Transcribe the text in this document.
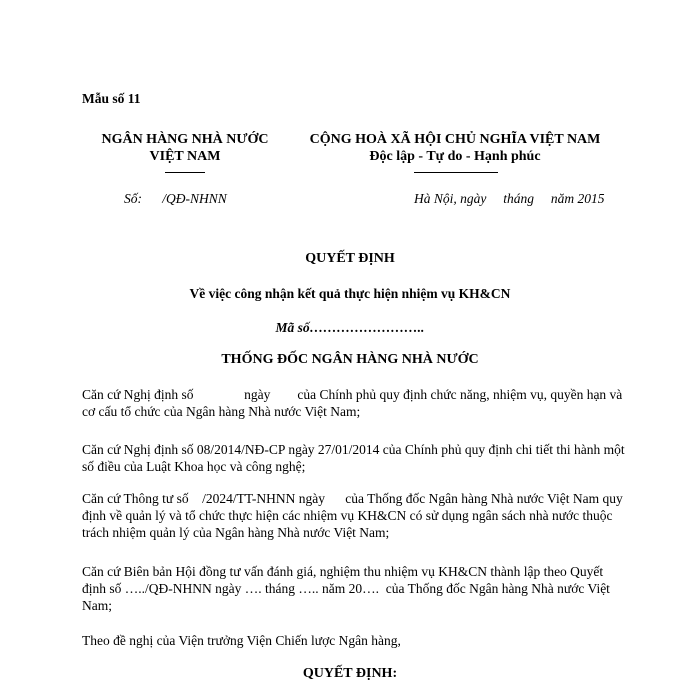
Mẫu số 11
NGÂN HÀNG NHÀ NƯỚC
VIỆT NAM
Số:      /QĐ-NHNN
CỘNG HOÀ XÃ HỘI CHỦ NGHĨA VIỆT NAM
Độc lập - Tự do - Hạnh phúc
Hà Nội, ngày     tháng     năm 2015
QUYẾT ĐỊNH
Về việc công nhận kết quả thực hiện nhiệm vụ KH&CN
Mã số……………………..
THỐNG ĐỐC NGÂN HÀNG NHÀ NƯỚC
Căn cứ Nghị định số               ngày        của Chính phủ quy định chức năng, nhiệm vụ, quyền hạn và cơ cấu tổ chức của Ngân hàng Nhà nước Việt Nam;
Căn cứ Nghị định số 08/2014/NĐ-CP ngày 27/01/2014 của Chính phủ quy định chi tiết thi hành một số điều của Luật Khoa học và công nghệ;
Căn cứ Thông tư số    /2024/TT-NHNN ngày      của Thống đốc Ngân hàng Nhà nước Việt Nam quy định về quản lý và tổ chức thực hiện các nhiệm vụ KH&CN có sử dụng ngân sách nhà nước thuộc trách nhiệm quản lý của Ngân hàng Nhà nước Việt Nam;
Căn cứ Biên bản Hội đồng tư vấn đánh giá, nghiệm thu nhiệm vụ KH&CN thành lập theo Quyết định số …../QĐ-NHNN ngày …. tháng ….. năm 20….  của Thống đốc Ngân hàng Nhà nước Việt Nam;
Theo đề nghị của Viện trưởng Viện Chiến lược Ngân hàng,
QUYẾT ĐỊNH:
